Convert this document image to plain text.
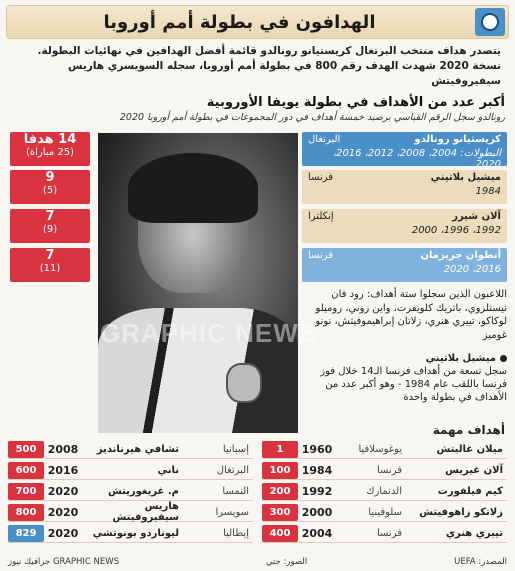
الهدافون في بطولة أمم أوروبا
يتصدر هداف منتخب البرتغال كريستيانو رونالدو قائمة أفضل الهدافين في نهائيات البطولة. نسخة 2020 شهدت الهدف رقم 800 في بطولة أمم أوروبا، سجله السويسري هاريس سيفيروفيتش
أكبر عدد من الأهداف في بطولة يويفا الأوروبية
رونالدو سجل الرقم القياسي برصيد خمسة أهداف في دور المجموعات في بطولة أمم أوروبا 2020
GRAPHIC NEWS
كريستيانو رونالدو
البرتغال
البطولات: 2004، 2008، 2012، 2016، 2020
14 هدفاً
(25 مباراة)
ميشيل بلاتيني
فرنسا
1984
9
(5)
آلان شيرر
إنكلترا
1992، 1996، 2000
7
(9)
أنطوان جريزمان
فرنسا
2016، 2020
7
(11)
اللاعبون الذين سجلوا ستة أهداف: رود فان نيستلروي، باتريك كلويفرت، واين روني، روميلو لوكاكو، تييري هنري، زلاتان إبراهيموفيتش، نونو غوميز
ميشيل بلاتيني
سجل تسعة من أهداف فرنسا الـ14 خلال فوز فرنسا باللقب عام 1984 - وهو أكبر عدد من الأهداف في بطولة واحدة
أهداف مهمة
ميلان غاليتش
يوغوسلافيا
1960
1
آلان غيريس
فرنسا
1984
100
كيم فيلفورت
الدنمارك
1992
200
زلاتكو زاهوفيتش
سلوفينيا
2000
300
تييري هنري
فرنسا
2004
400
إسبانيا
تشافي هيرنانديز
2008
500
البرتغال
ناني
2016
600
النمسا
م. غريغوريتش
2020
700
سويسرا
هاريس سيفيروفيتش
2020
800
إيطاليا
ليوناردو بونوتشي
2020
829
المصدر: UEFA
الصور: جتي
GRAPHIC NEWS جرافيك نيوز
